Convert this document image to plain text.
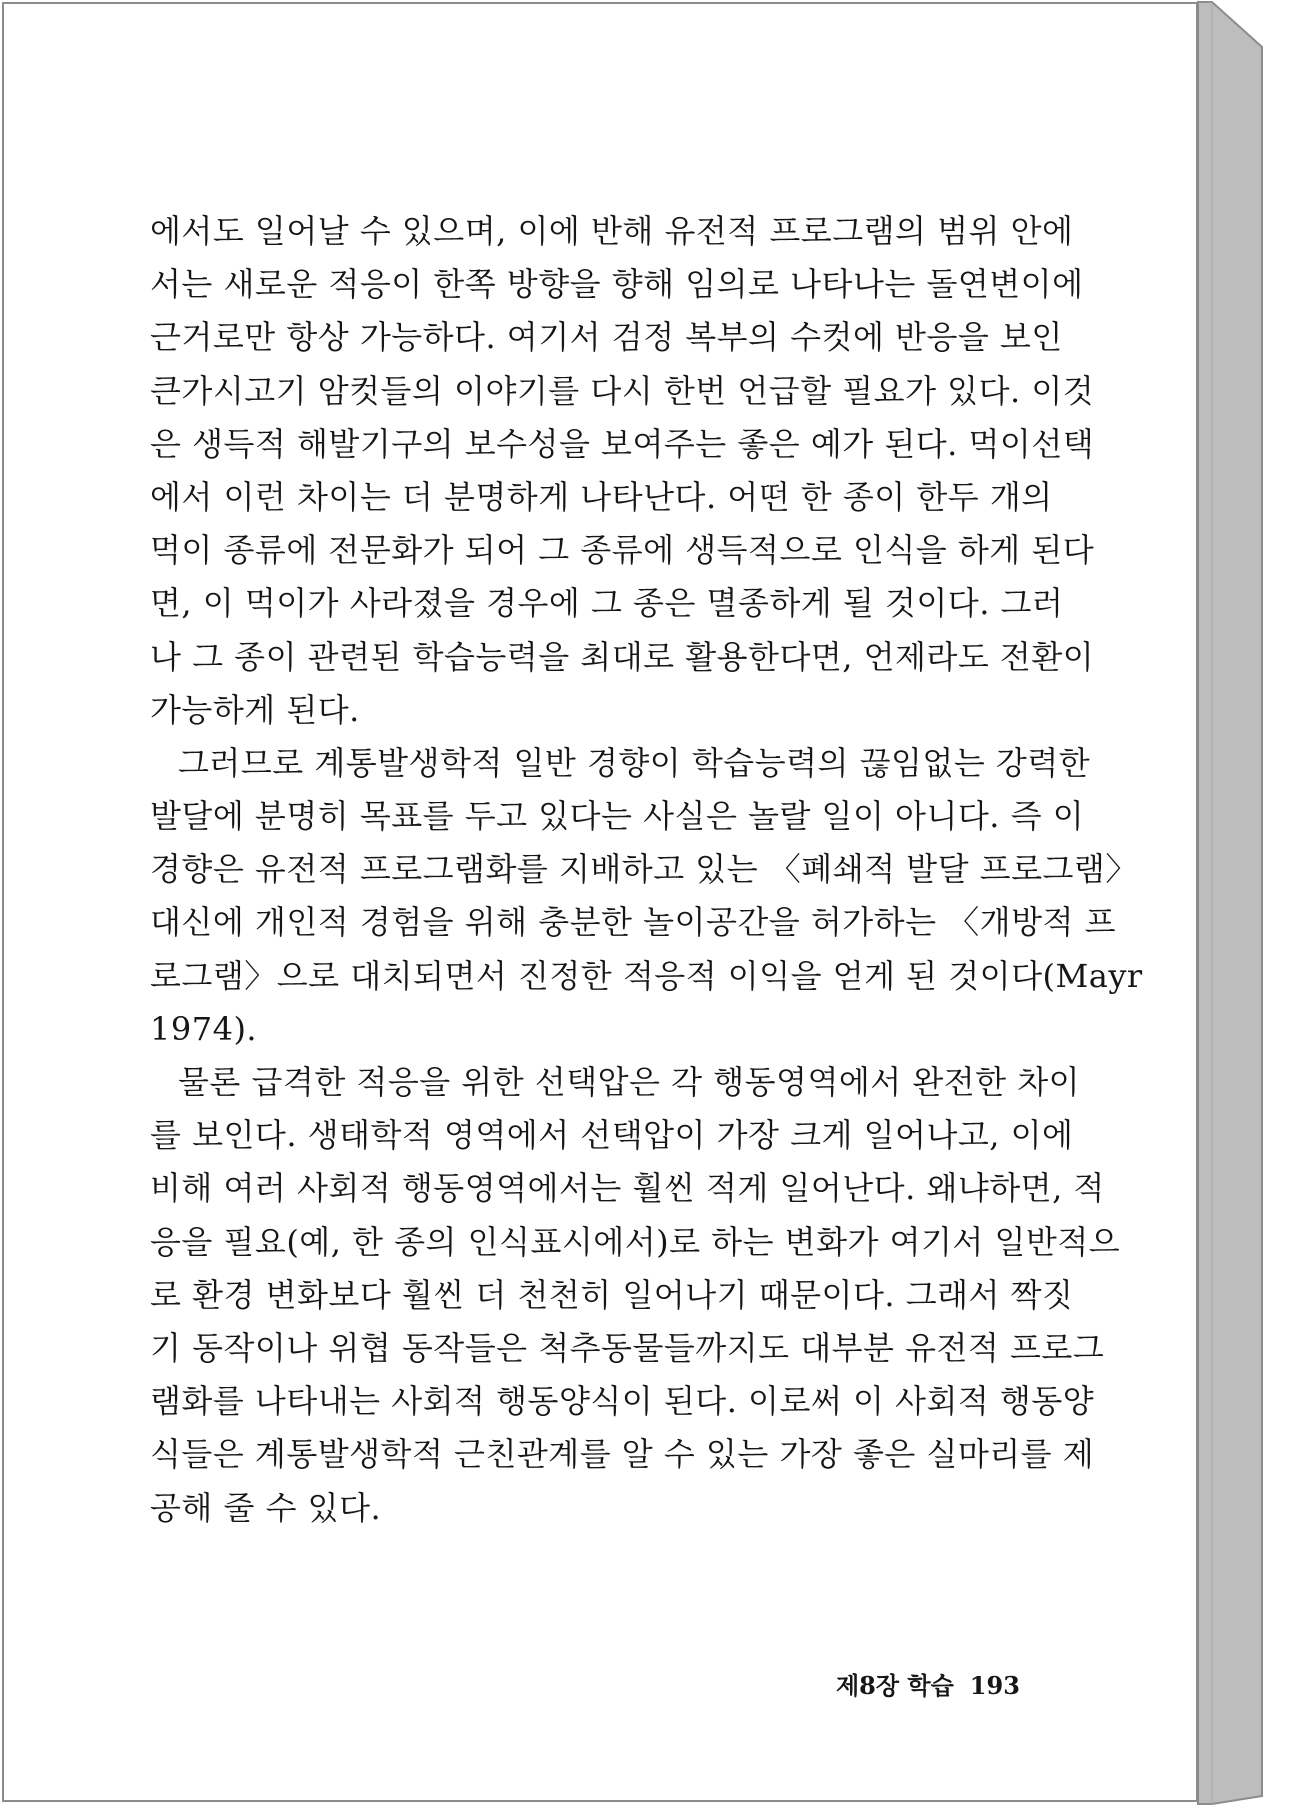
에서도 일어날 수 있으며, 이에 반해 유전적 프로그램의 범위 안에
서는 새로운 적응이 한쪽 방향을 향해 임의로 나타나는 돌연변이에
근거로만 항상 가능하다. 여기서 검정 복부의 수컷에 반응을 보인
큰가시고기 암컷들의 이야기를 다시 한번 언급할 필요가 있다. 이것
은 생득적 해발기구의 보수성을 보여주는 좋은 예가 된다. 먹이선택
에서 이런 차이는 더 분명하게 나타난다. 어떤 한 종이 한두 개의
먹이 종류에 전문화가 되어 그 종류에 생득적으로 인식을 하게 된다
면, 이 먹이가 사라졌을 경우에 그 종은 멸종하게 될 것이다. 그러
나 그 종이 관련된 학습능력을 최대로 활용한다면, 언제라도 전환이
가능하게 된다.
그러므로 계통발생학적 일반 경향이 학습능력의 끊임없는 강력한
발달에 분명히 목표를 두고 있다는 사실은 놀랄 일이 아니다. 즉 이
경향은 유전적 프로그램화를 지배하고 있는 〈폐쇄적 발달 프로그램〉
대신에 개인적 경험을 위해 충분한 놀이공간을 허가하는 〈개방적 프
로그램〉으로 대치되면서 진정한 적응적 이익을 얻게 된 것이다(Mayr
1974).
물론 급격한 적응을 위한 선택압은 각 행동영역에서 완전한 차이
를 보인다. 생태학적 영역에서 선택압이 가장 크게 일어나고, 이에
비해 여러 사회적 행동영역에서는 훨씬 적게 일어난다. 왜냐하면, 적
응을 필요(예, 한 종의 인식표시에서)로 하는 변화가 여기서 일반적으
로 환경 변화보다 훨씬 더 천천히 일어나기 때문이다. 그래서 짝짓
기 동작이나 위협 동작들은 척추동물들까지도 대부분 유전적 프로그
램화를 나타내는 사회적 행동양식이 된다. 이로써 이 사회적 행동양
식들은 계통발생학적 근친관계를 알 수 있는 가장 좋은 실마리를 제
공해 줄 수 있다.
제8장 학습 193
